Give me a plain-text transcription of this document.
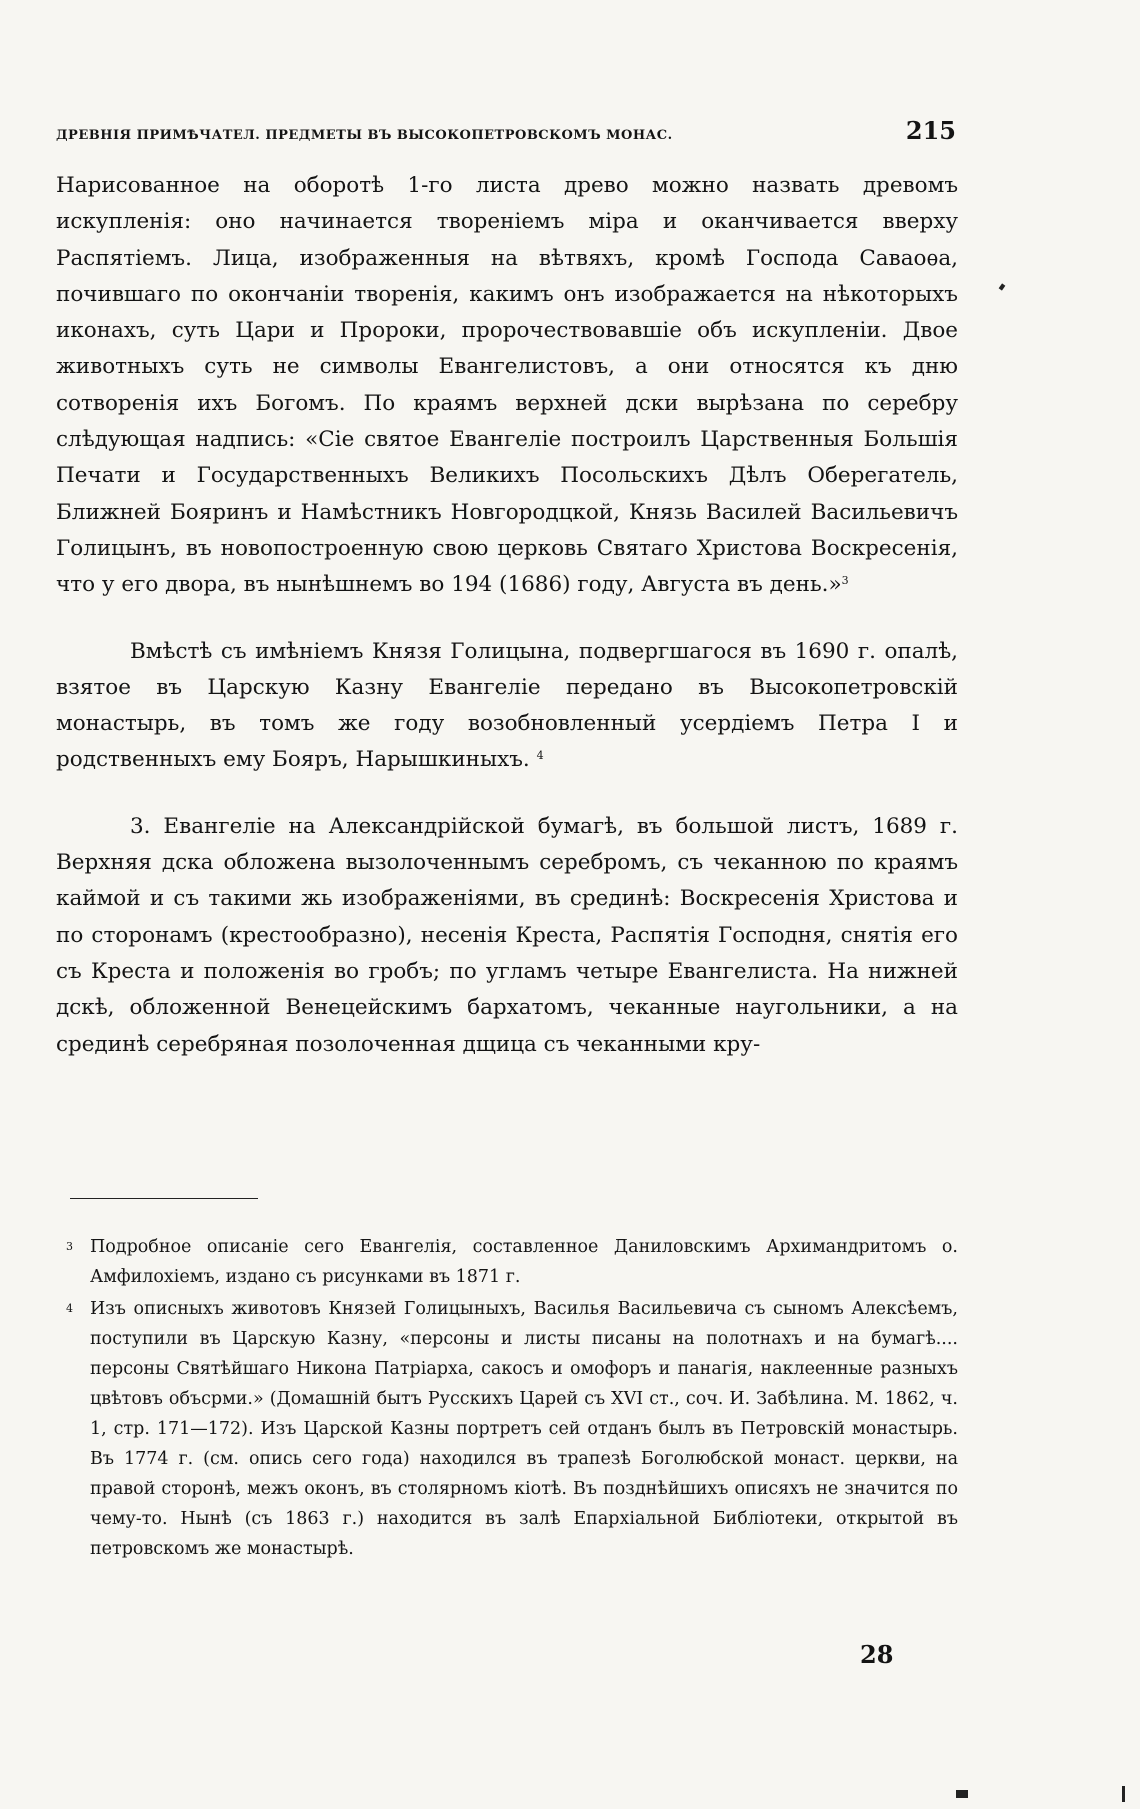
ДРЕВНІЯ ПРИМѢЧАТЕЛ. ПРЕДМЕТЫ ВЪ ВЫСОКОПЕТРОВСКОМЪ МОНАС.	215

Нарисованное на оборотѣ 1-го листа древо можно назвать древомъ искупленія: оно начинается твореніемъ міра и оканчивается вверху Распятіемъ. Лица, изображенныя на вѣтвяхъ, кромѣ Господа Саваоѳа, почившаго по окончаніи творенія, какимъ онъ изображается на нѣкоторыхъ иконахъ, суть Цари и Пророки, пророчествовавшіе объ искупленіи. Двое животныхъ суть не символы Евангелистовъ, а они относятся къ дню сотворенія ихъ Богомъ. По краямъ верхней дски вырѣзана по серебру слѣдующая надпись: «Сіе святое Евангеліе построилъ Царственныя Большія Печати и Государственныхъ Великихъ Посольскихъ Дѣлъ Оберегатель, Ближней Бояринъ и Намѣстникъ Новгородцкой, Князь Василей Васильевичъ Голицынъ, въ новопостроенную свою церковь Святаго Христова Воскресенія, что у его двора, въ нынѣшнемъ во 194 (1686) году, Августа въ день.»$^3$

Вмѣстѣ съ имѣніемъ Князя Голицына, подвергшагося въ 1690 г. опалѣ, взятое въ Царскую Казну Евангеліе передано въ Высокопетровскій монастырь, въ томъ же году возобновленный усердіемъ Петра I и родственныхъ ему Бояръ, Нарышкиныхъ. $^4$

3. Евангеліе на Александрійской бумагѣ, въ большой листъ, 1689 г. Верхняя дска обложена вызолоченнымъ серебромъ, съ чеканною по краямъ каймой и съ такими жь изображеніями, въ срединѣ: Воскресенія Христова и по сторонамъ (крестообразно), несенія Креста, Распятія Господня, снятія его съ Креста и положенія во гробъ; по угламъ четыре Евангелиста. На нижней дскѣ, обложенной Венецейскимъ бархатомъ, чеканные наугольники, а на срединѣ серебряная позолоченная дщица съ чеканными кру-

3 Подробное описаніе сего Евангелія, составленное Даниловскимъ Архимандритомъ о. Амфилохіемъ, издано съ рисунками въ 1871 г.

4 Изъ описныхъ животовъ Князей Голицыныхъ, Василья Васильевича съ сыномъ Алексѣемъ, поступили въ Царскую Казну, «персоны и листы писаны на полотнахъ и на бумагѣ.... персоны Святѣйшаго Никона Патріарха, сакосъ и омофоръ и панагія, наклеенные разныхъ цвѣтовъ объсрми.» (Домашній бытъ Русскихъ Царей съ XVI ст., соч. И. Забѣлина. М. 1862, ч. 1, стр. 171—172). Изъ Царской Казны портретъ сей отданъ былъ въ Петровскій монастырь. Въ 1774 г. (см. опись сего года) находился въ трапезѣ Боголюбской монаст. церкви, на правой сторонѣ, межъ оконъ, въ столярномъ кіотѣ. Въ позднѣйшихъ описяхъ не значится по чему-то. Нынѣ (съ 1863 г.) находится въ залѣ Епархіальной Библіотеки, открытой въ петровскомъ же монастырѣ.

28
